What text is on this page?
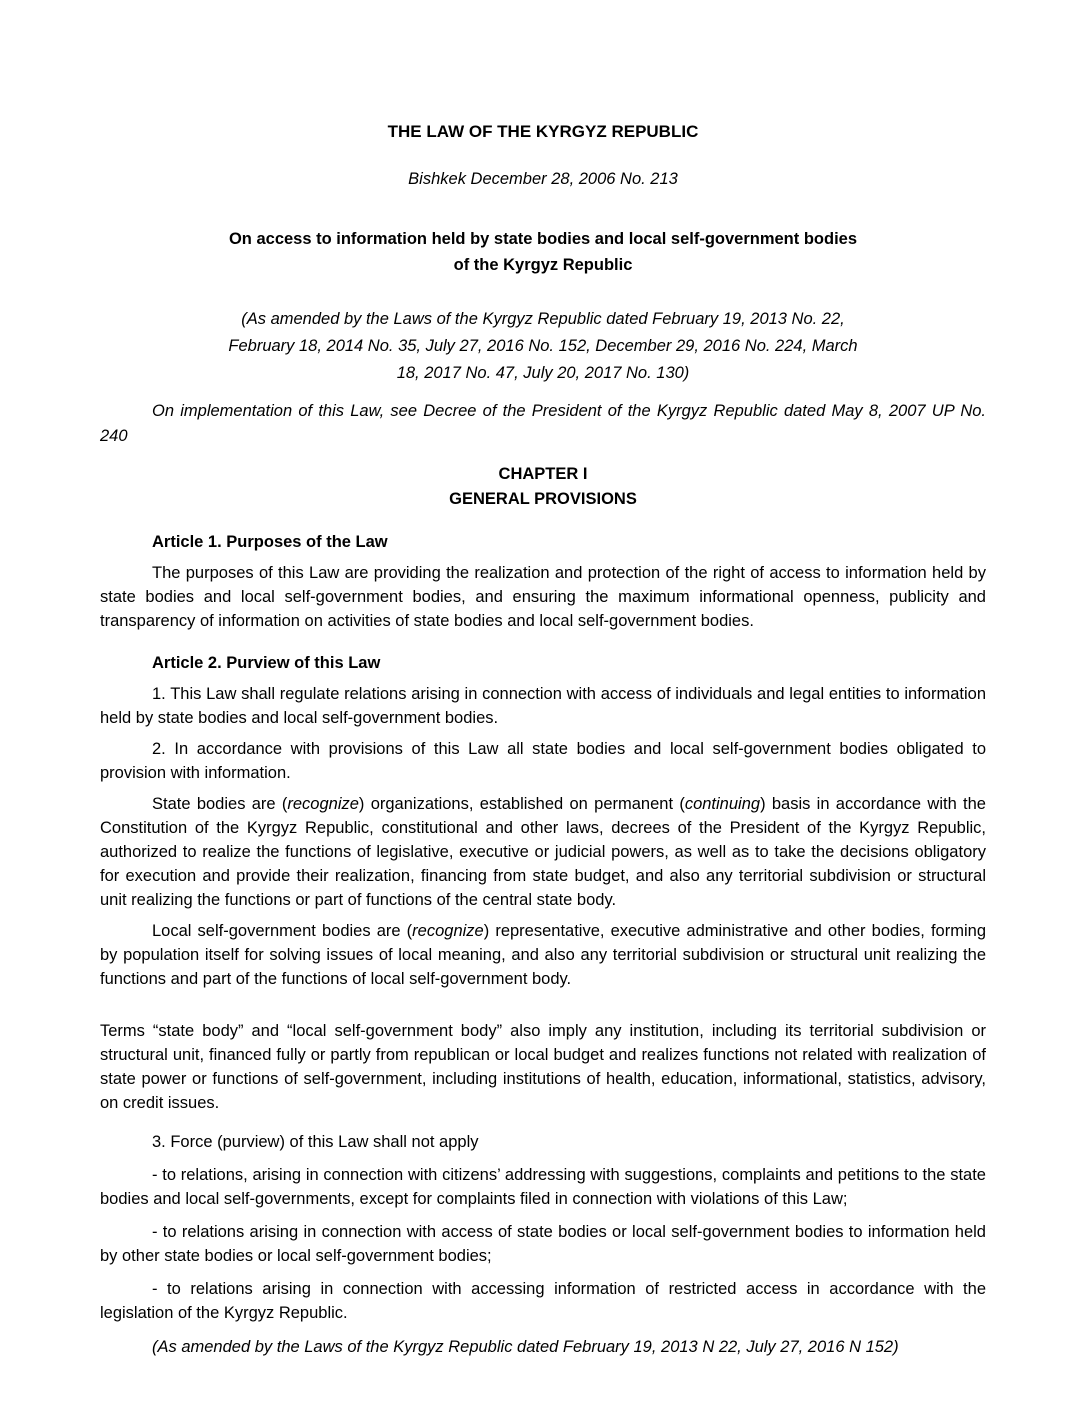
THE LAW OF THE KYRGYZ REPUBLIC
Bishkek December 28, 2006 No. 213
On access to information held by state bodies and local self-government bodies
of the Kyrgyz Republic
(As amended by the Laws of the Kyrgyz Republic dated February 19, 2013 No. 22,
February 18, 2014 No. 35, July 27, 2016 No. 152, December 29, 2016 No. 224, March
18, 2017 No. 47, July 20, 2017 No. 130)

On implementation of this Law, see Decree of the President of the Kyrgyz Republic dated May 8, 2007 UP No. 240

CHAPTER I
GENERAL PROVISIONS

Article 1. Purposes of the Law

The purposes of this Law are providing the realization and protection of the right of access to information held by state bodies and local self-government bodies, and ensuring the maximum informational openness, publicity and transparency of information on activities of state bodies and local self-government bodies.

Article 2. Purview of this Law

1. This Law shall regulate relations arising in connection with access of individuals and legal entities to information held by state bodies and local self-government bodies.

2. In accordance with provisions of this Law all state bodies and local self-government bodies obligated to provision with information.

State bodies are (recognize) organizations, established on permanent (continuing) basis in accordance with the Constitution of the Kyrgyz Republic, constitutional and other laws, decrees of the President of the Kyrgyz Republic, authorized to realize the functions of legislative, executive or judicial powers, as well as to take the decisions obligatory for execution and provide their realization, financing from state budget, and also any territorial subdivision or structural unit realizing the functions or part of functions of the central state body.

Local self-government bodies are (recognize) representative, executive administrative and other bodies, forming by population itself for solving issues of local meaning, and also any territorial subdivision or structural unit realizing the functions and part of the functions of local self-government body.

Terms “state body” and “local self-government body” also imply any institution, including its territorial subdivision or structural unit, financed fully or partly from republican or local budget and realizes functions not related with realization of state power or functions of self-government, including institutions of health, education, informational, statistics, advisory, on credit issues.

3. Force (purview) of this Law shall not apply

- to relations, arising in connection with citizens’ addressing with suggestions, complaints and petitions to the state bodies and local self-governments, except for complaints filed in connection with violations of this Law;

- to relations arising in connection with access of state bodies or local self-government bodies to information held by other state bodies or local self-government bodies;

- to relations arising in connection with accessing information of restricted access in accordance with the legislation of the Kyrgyz Republic.

(As amended by the Laws of the Kyrgyz Republic dated February 19, 2013 N 22, July 27, 2016 N 152)
